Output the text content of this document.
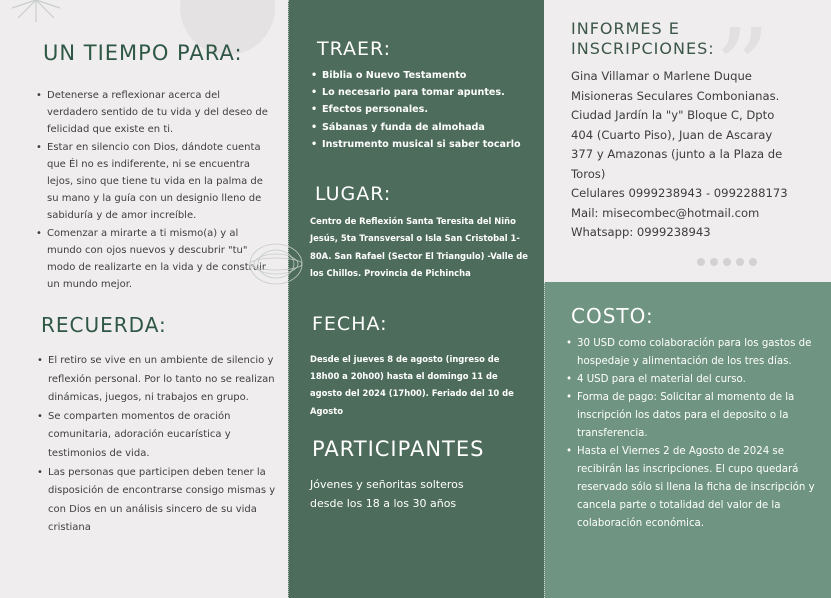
UN TIEMPO PARA:
• Detenerse a reflexionar acerca del verdadero sentido de tu vida y del deseo de felicidad que existe en ti.
• Estar en silencio con Dios, dándote cuenta que Él no es indiferente, ni se encuentra lejos, sino que tiene tu vida en la palma de su mano y la guía con un designio lleno de sabiduría y de amor increíble.
• Comenzar a mirarte a ti mismo(a) y al mundo con ojos nuevos y descubrir "tu" modo de realizarte en la vida y de construir un mundo mejor.
RECUERDA:
• El retiro se vive en un ambiente de silencio y reflexión personal. Por lo tanto no se realizan dinámicas, juegos, ni trabajos en grupo.
• Se comparten momentos de oración comunitaria, adoración eucarística y testimonios de vida.
• Las personas que participen deben tener la disposición de encontrarse consigo mismas y con Dios en un análisis sincero de su vida cristiana
TRAER:
• Biblia o Nuevo Testamento
• Lo necesario para tomar apuntes.
• Efectos personales.
• Sábanas y funda de almohada
• Instrumento musical si saber tocarlo
LUGAR:

Centro de Reflexión Santa Teresita del Niño Jesús, 5ta Transversal o Isla San Cristobal 1-80A. San Rafael (Sector El Triangulo) -Valle de los Chillos. Provincia de Pichincha

FECHA:

Desde el jueves 8 de agosto (ingreso de 18h00 a 20h00) hasta el domingo 11 de agosto del 2024 (17h00). Feriado del 10 de Agosto

PARTICIPANTES

Jóvenes y señoritas solteros desde los 18 a los 30 años

”
INFORMES E
INSCRIPCIONES:

Gina Villamar o Marlene Duque

Misioneras Seculares Combonianas.

Ciudad Jardín la "y" Bloque C, Dpto

404 (Cuarto Piso), Juan de Ascaray

377 y Amazonas (junto a la Plaza de

Toros)

Celulares 0999238943 - 0992288173

Mail: misecombec@hotmail.com

Whatsapp: 0999238943

COSTO:
• 30 USD como colaboración para los gastos de hospedaje y alimentación de los tres días.
• 4 USD para el material del curso.
• Forma de pago: Solicitar al momento de la inscripción los datos para el deposito o la transferencia.
• Hasta el Viernes 2 de Agosto de 2024 se recibirán las inscripciones. El cupo quedará reservado sólo si llena la ficha de inscripción y cancela parte o totalidad del valor de la colaboración económica.
